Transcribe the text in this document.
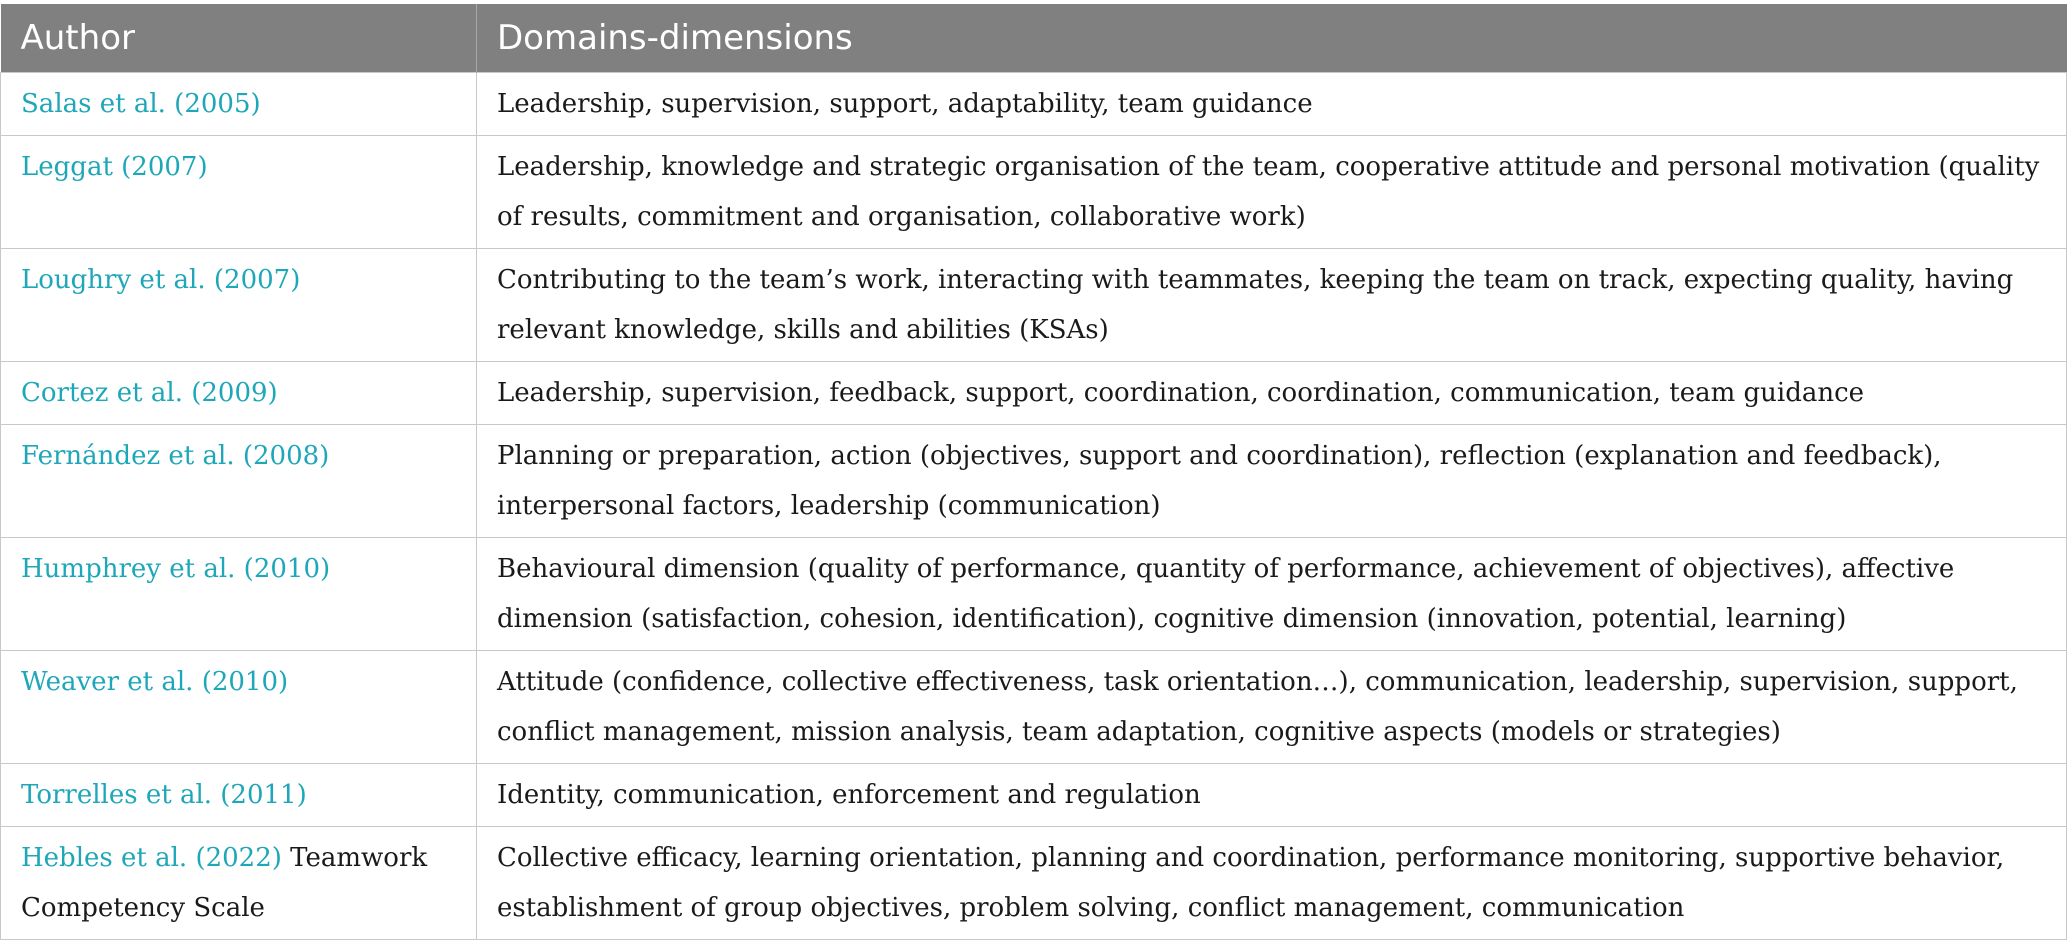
Author	Domains-dimensions
Salas et al. (2005)	Leadership, supervision, support, adaptability, team guidance
Leggat (2007)	Leadership, knowledge and strategic organisation of the team, cooperative attitude and personal motivation (quality of results, commitment and organisation, collaborative work)
Loughry et al. (2007)	Contributing to the team’s work, interacting with teammates, keeping the team on track, expecting quality, having relevant knowledge, skills and abilities (KSAs)
Cortez et al. (2009)	Leadership, supervision, feedback, support, coordination, coordination, communication, team guidance
Fernández et al. (2008)	Planning or preparation, action (objectives, support and coordination), reflection (explanation and feedback), interpersonal factors, leadership (communication)
Humphrey et al. (2010)	Behavioural dimension (quality of performance, quantity of performance, achievement of objectives), affective dimension (satisfaction, cohesion, identification), cognitive dimension (innovation, potential, learning)
Weaver et al. (2010)	Attitude (confidence, collective effectiveness, task orientation…), communication, leadership, supervision, support, conflict management, mission analysis, team adaptation, cognitive aspects (models or strategies)
Torrelles et al. (2011)	Identity, communication, enforcement and regulation
Hebles et al. (2022) Teamwork Competency Scale	Collective efficacy, learning orientation, planning and coordination, performance monitoring, supportive behavior, establishment of group objectives, problem solving, conflict management, communication
